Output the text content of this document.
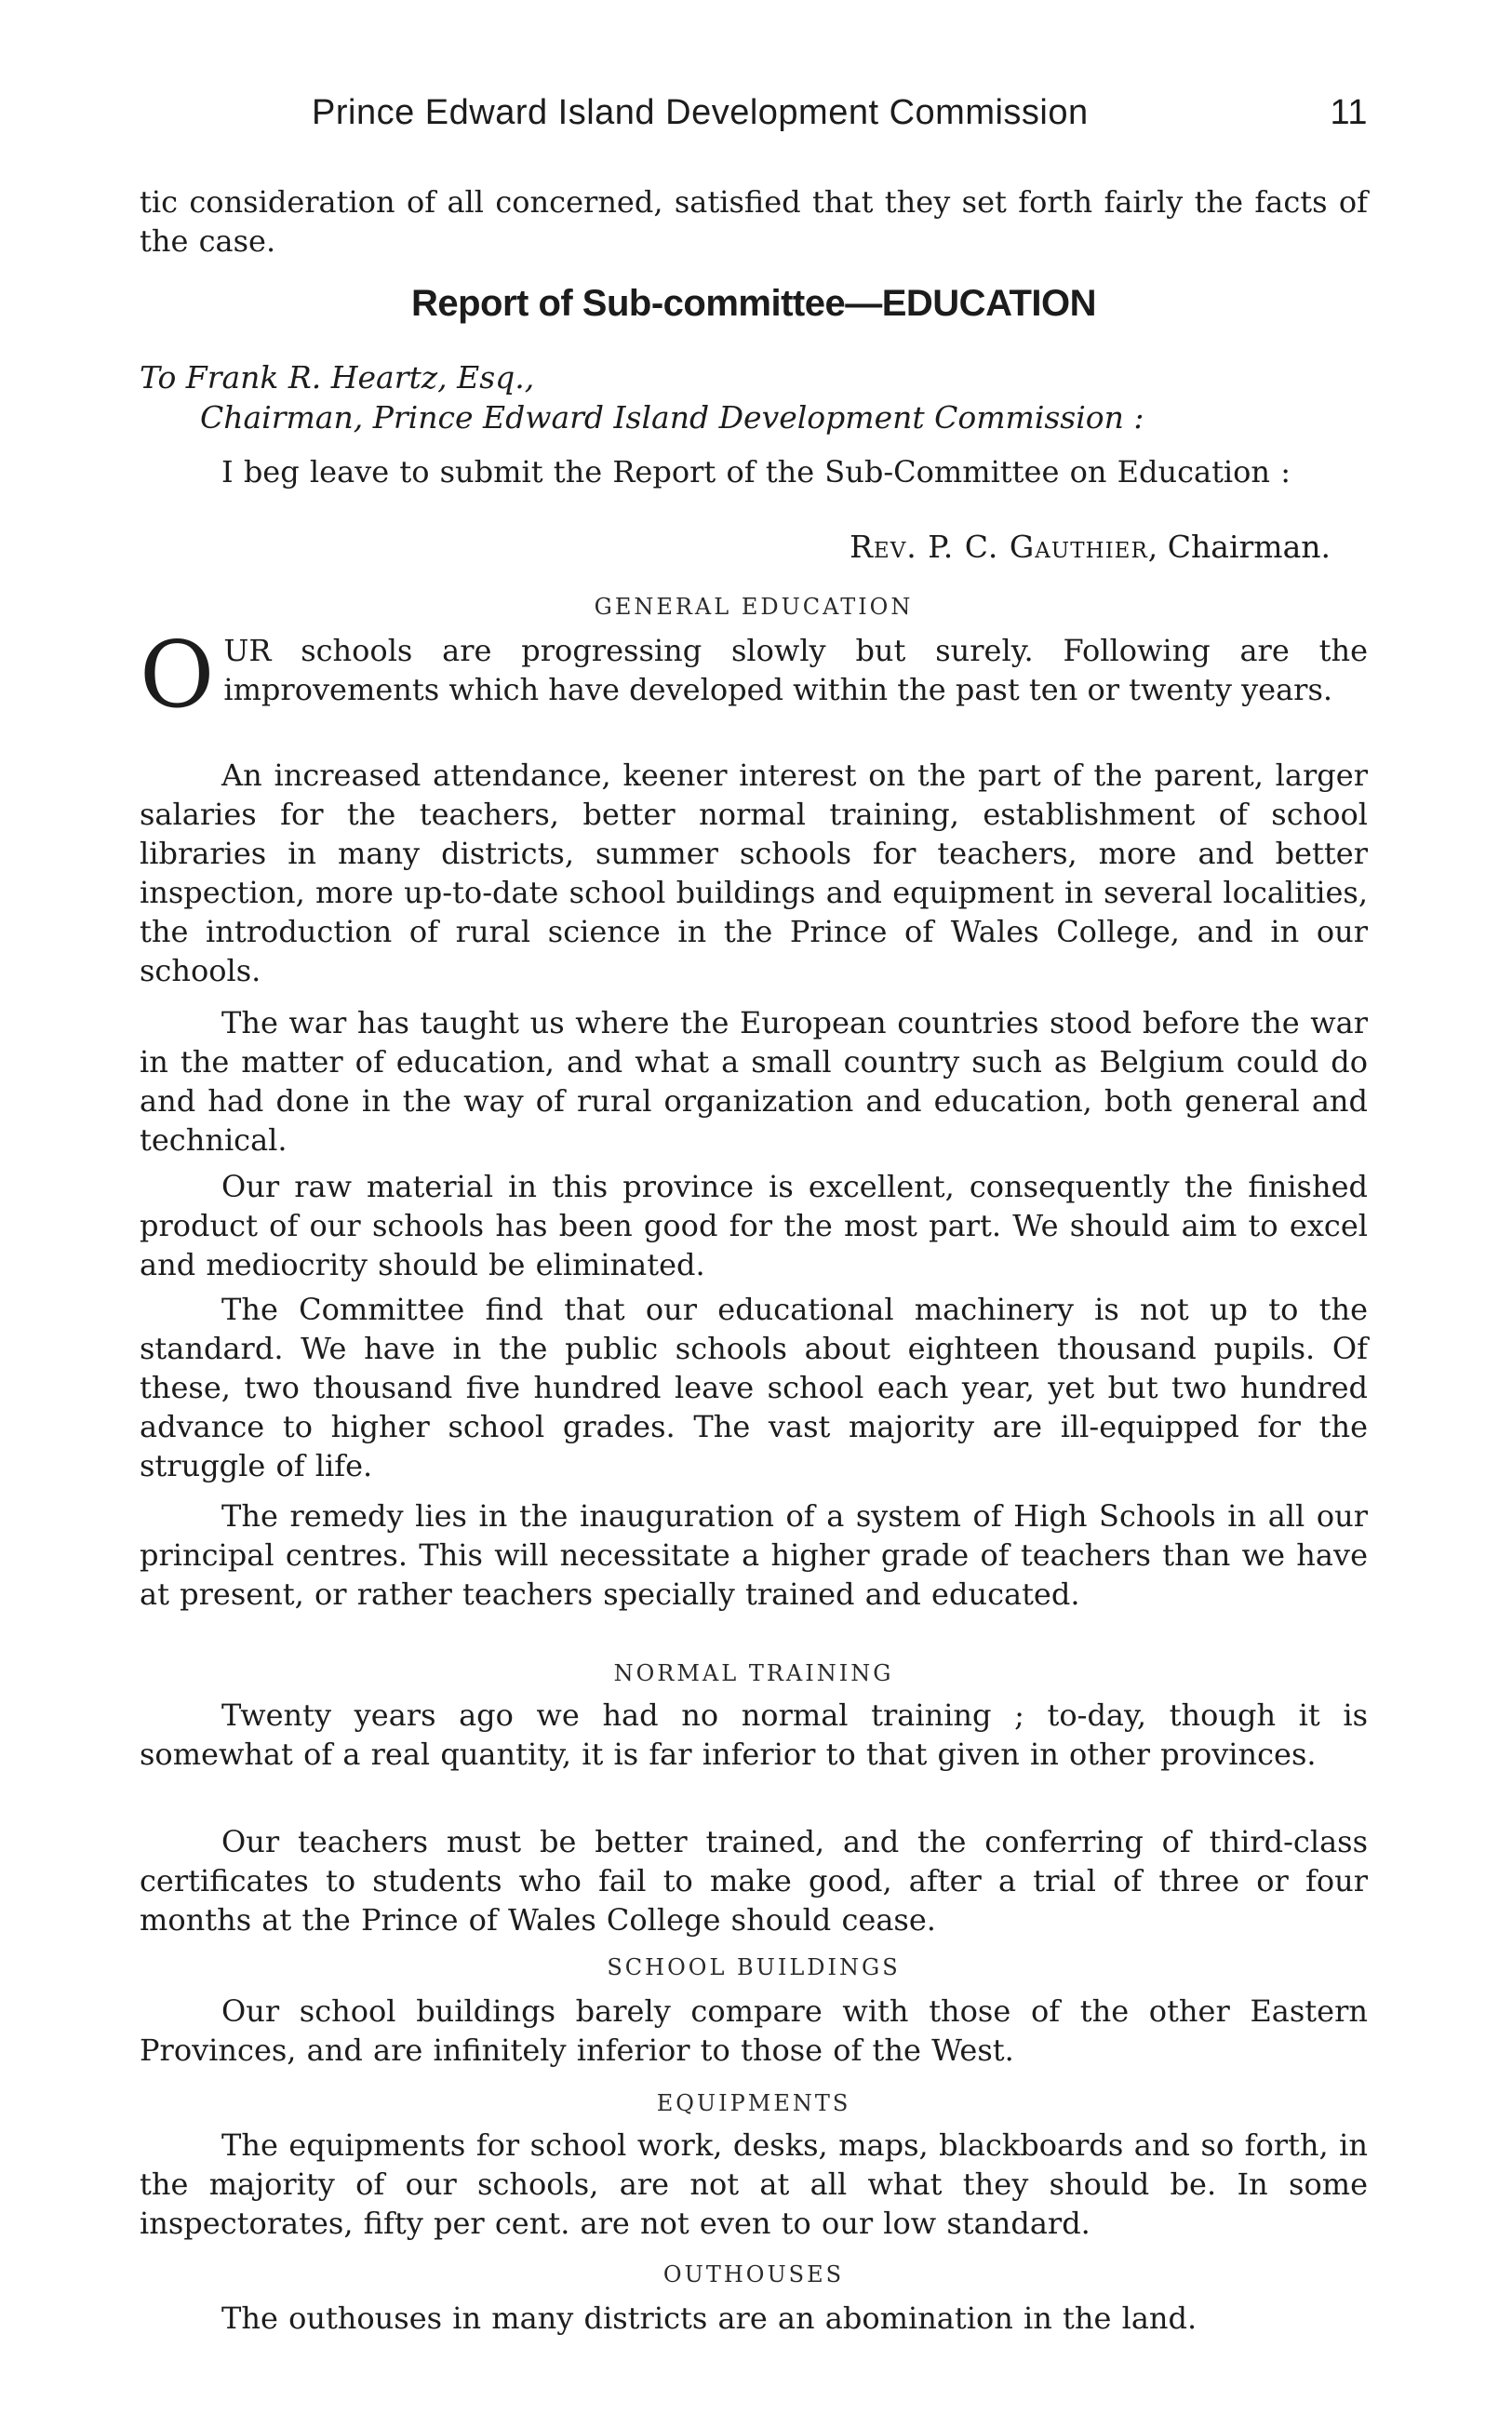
Prince Edward Island Development Commission	11
tic consideration of all concerned, satisfied that they set forth fairly the facts of the case.
Report of Sub-committee—EDUCATION
To Frank R. Heartz, Esq.,
Chairman, Prince Edward Island Development Commission :
I beg leave to submit the Report of the Sub-Committee on Education :
Rev. P. C. Gauthier, Chairman.
GENERAL EDUCATION
O UR schools are progressing slowly but surely. Following are the improvements which have developed within the past ten or twenty years.
An increased attendance, keener interest on the part of the parent, larger salaries for the teachers, better normal training, establishment of school libraries in many districts, summer schools for teachers, more and better inspection, more up-to-date school buildings and equipment in several localities, the introduction of rural science in the Prince of Wales College, and in our schools.
The war has taught us where the European countries stood before the war in the matter of education, and what a small country such as Belgium could do and had done in the way of rural organization and education, both general and technical.
Our raw material in this province is excellent, consequently the finished product of our schools has been good for the most part. We should aim to excel and mediocrity should be eliminated.
The Committee find that our educational machinery is not up to the standard. We have in the public schools about eighteen thousand pupils. Of these, two thousand five hundred leave school each year, yet but two hundred advance to higher school grades. The vast majority are ill-equipped for the struggle of life.
The remedy lies in the inauguration of a system of High Schools in all our principal centres. This will necessitate a higher grade of teachers than we have at present, or rather teachers specially trained and educated.
NORMAL TRAINING
Twenty years ago we had no normal training ; to-day, though it is somewhat of a real quantity, it is far inferior to that given in other provinces.
Our teachers must be better trained, and the conferring of third-class certificates to students who fail to make good, after a trial of three or four months at the Prince of Wales College should cease.
SCHOOL BUILDINGS
Our school buildings barely compare with those of the other Eastern Provinces, and are infinitely inferior to those of the West.
EQUIPMENTS
The equipments for school work, desks, maps, blackboards and so forth, in the majority of our schools, are not at all what they should be. In some inspectorates, fifty per cent. are not even to our low standard.
OUTHOUSES
The outhouses in many districts are an abomination in the land.
